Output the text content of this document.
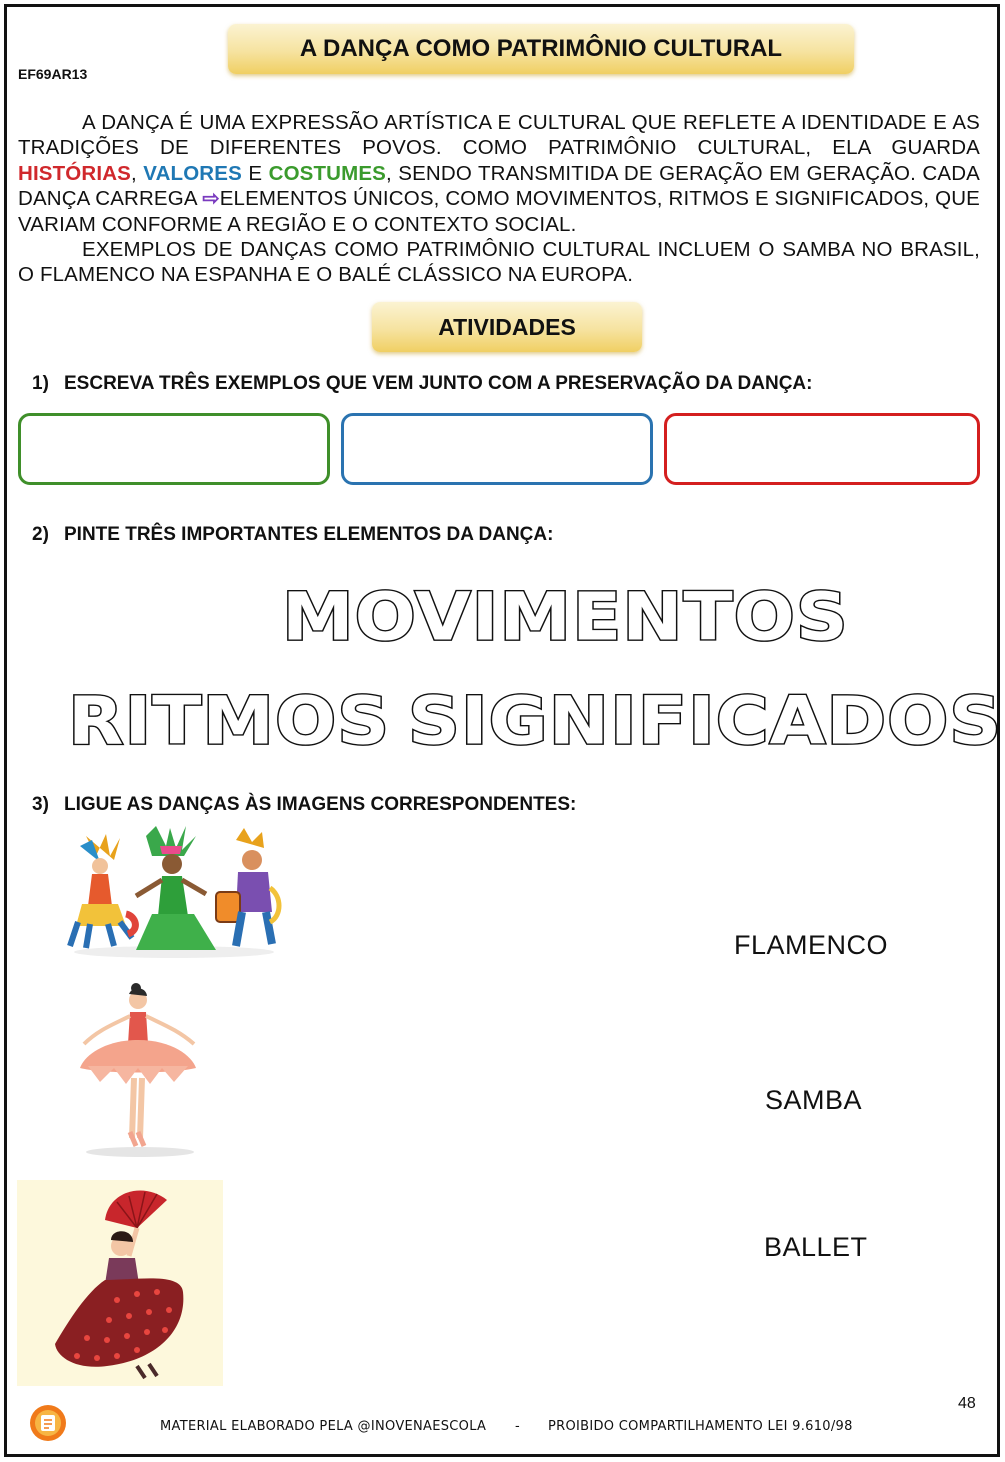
A DANÇA COMO PATRIMÔNIO CULTURAL
EF69AR13

A DANÇA É UMA EXPRESSÃO ARTÍSTICA E CULTURAL QUE REFLETE A IDENTIDADE E AS TRADIÇÕES DE DIFERENTES POVOS. COMO PATRIMÔNIO CULTURAL, ELA GUARDA HISTÓRIAS, VALORES E COSTUMES, SENDO TRANSMITIDA DE GERAÇÃO EM GERAÇÃO. CADA DANÇA CARREGA ⇨ELEMENTOS ÚNICOS, COMO MOVIMENTOS, RITMOS E SIGNIFICADOS, QUE VARIAM CONFORME A REGIÃO E O CONTEXTO SOCIAL.

EXEMPLOS DE DANÇAS COMO PATRIMÔNIO CULTURAL INCLUEM O SAMBA NO BRASIL, O FLAMENCO NA ESPANHA E O BALÉ CLÁSSICO NA EUROPA.

ATIVIDADES
1) ESCREVA TRÊS EXEMPLOS QUE VEM JUNTO COM A PRESERVAÇÃO DA DANÇA:
2) PINTE TRÊS IMPORTANTES ELEMENTOS DA DANÇA:
MOVIMENTOS
RITMOS SIGNIFICADOS
3) LIGUE AS DANÇAS ÀS IMAGENS CORRESPONDENTES:
FLAMENCO
SAMBA
BALLET
48
MATERIAL ELABORADO PELA @INOVENAESCOLA - PROIBIDO COMPARTILHAMENTO LEI 9.610/98
